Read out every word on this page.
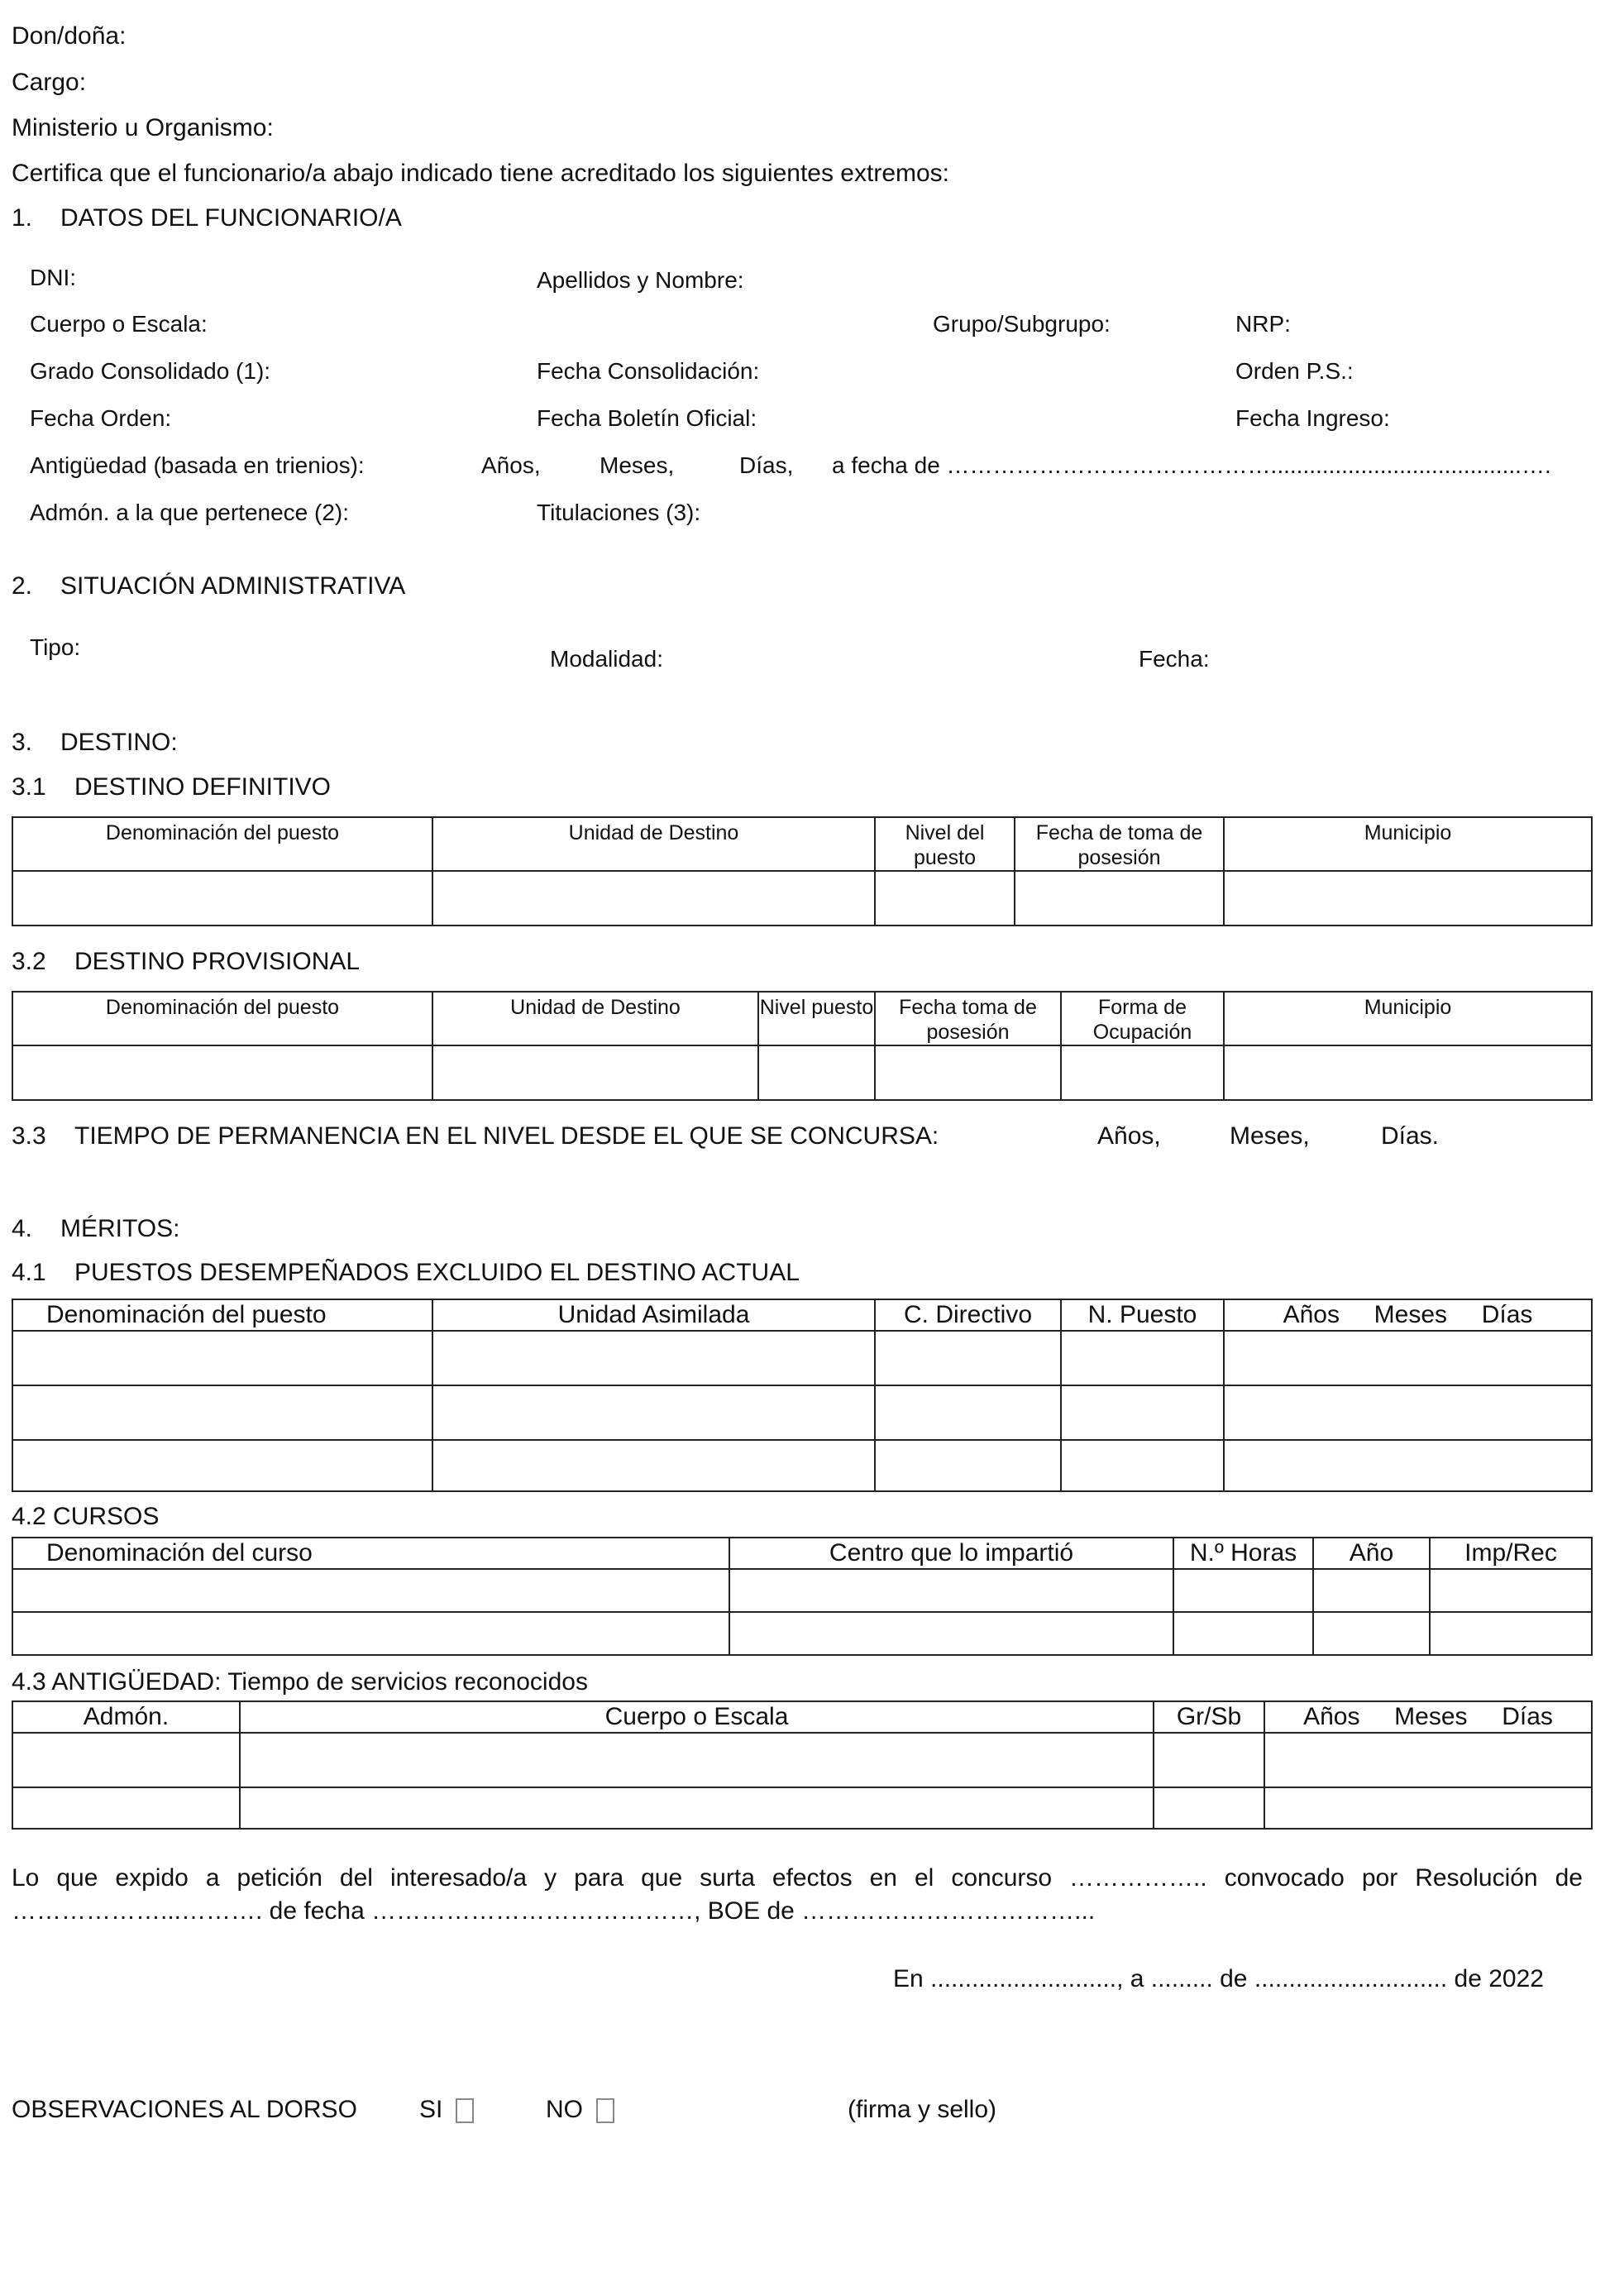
Don/doña:
Cargo:
Ministerio u Organismo:
Certifica que el funcionario/a abajo indicado tiene acreditado los siguientes extremos:
1. DATOS DEL FUNCIONARIO/A
DNI:	Apellidos y Nombre:
Cuerpo o Escala:	Grupo/Subgrupo:	NRP:
Grado Consolidado (1):	Fecha Consolidación:	Orden P.S.:
Fecha Orden:	Fecha Boletín Oficial:	Fecha Ingreso:
Antigüedad (basada en trienios):	Años,	Meses,	Días, a fecha de …………………………………….......................................….
Admón. a la que pertenece (2):	Titulaciones (3):
2. SITUACIÓN ADMINISTRATIVA
Tipo:	Modalidad:	Fecha:
3. DESTINO:
3.1 DESTINO DEFINITIVO
Denominación del puesto	Unidad de Destino	Nivel del puesto	Fecha de toma de posesión	Municipio

3.2 DESTINO PROVISIONAL
Denominación del puesto	Unidad de Destino	Nivel puesto	Fecha toma de posesión	Forma de Ocupación	Municipio

3.3 TIEMPO DE PERMANENCIA EN EL NIVEL DESDE EL QUE SE CONCURSA:	Años,	Meses,	Días.
4. MÉRITOS:
4.1 PUESTOS DESEMPEÑADOS EXCLUIDO EL DESTINO ACTUAL
Denominación del puesto	Unidad Asimilada	C. Directivo	N. Puesto	Años     Meses     Días

4.2 CURSOS
Denominación del curso	Centro que lo impartió	N.º Horas	Año	Imp/Rec

4.3 ANTIGÜEDAD: Tiempo de servicios reconocidos
Admón.	Cuerpo o Escala	Gr/Sb	Años     Meses     Días

Lo que expido a petición del interesado/a y para que surta efectos en el concurso …………….. convocado por Resolución de
………………...………. de fecha …………………………………, BOE de ……………………………...
En ..........................., a ......... de ............................ de 2022
OBSERVACIONES AL DORSO	SI	NO	(firma y sello)
